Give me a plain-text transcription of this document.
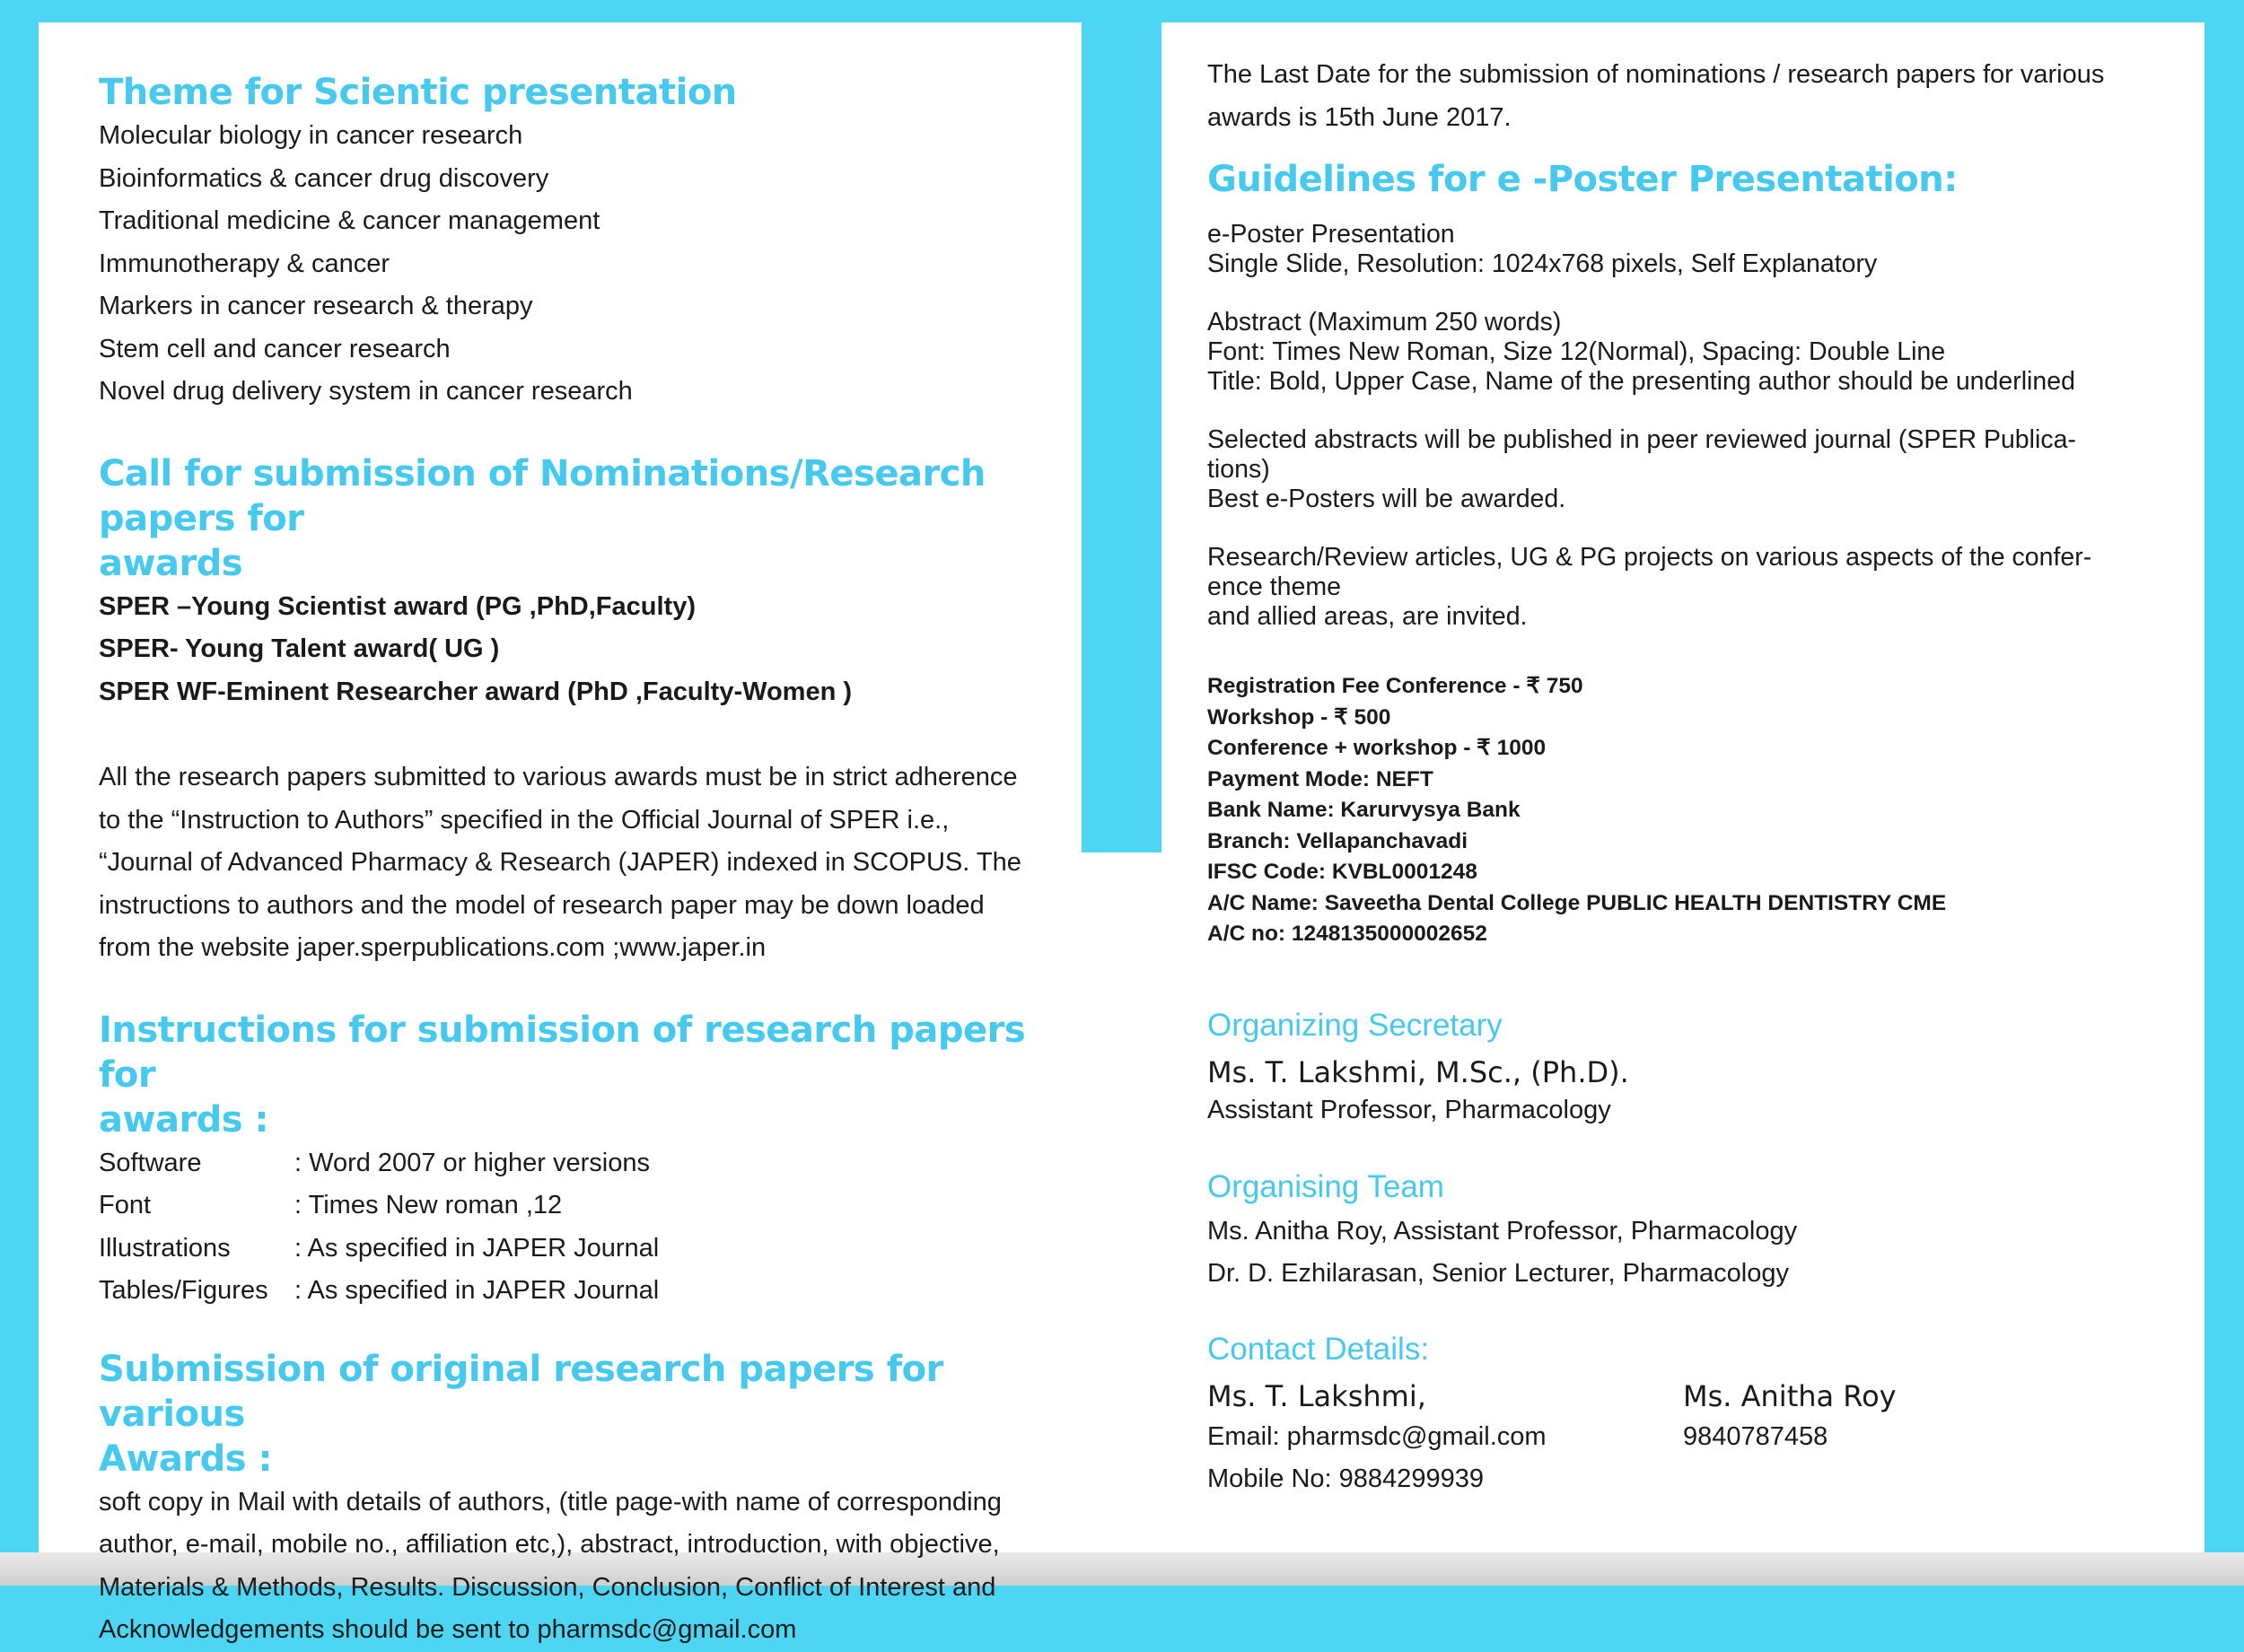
Theme for Scientic presentation

Molecular biology in cancer research

Bioinformatics & cancer drug discovery

Traditional medicine & cancer management

Immunotherapy & cancer

Markers in cancer research & therapy

Stem cell and cancer research

Novel drug delivery system in cancer research

Call for submission of Nominations/Research papers for
awards

SPER –Young Scientist award (PG ,PhD,Faculty)

SPER- Young Talent award( UG )

SPER WF-Eminent Researcher award (PhD ,Faculty-Women )

All the research papers submitted to various awards must be in strict adherence

to the “Instruction to Authors” specified in the Official Journal of SPER i.e.,

“Journal of Advanced Pharmacy & Research (JAPER) indexed in SCOPUS. The

instructions to authors and the model of research paper may be down loaded

from the website japer.sperpublications.com ;www.japer.in

Instructions for submission of research papers for
awards :
Software	: Word 2007 or higher versions
Font	: Times New roman ,12
Illustrations	: As specified in JAPER Journal
Tables/Figures	: As specified in JAPER Journal
Submission of original research papers for various
Awards :

soft copy in Mail with details of authors, (title page-with name of corresponding

author, e-mail, mobile no., affiliation etc,), abstract, introduction, with objective,

Materials & Methods, Results. Discussion, Conclusion, Conflict of Interest and

Acknowledgements should be sent to pharmsdc@gmail.com

The Last Date for the submission of nominations / research papers for various

awards is 15th June 2017.

Guidelines for e -Poster Presentation:

e-Poster Presentation

Single Slide, Resolution: 1024x768 pixels, Self Explanatory

Abstract (Maximum 250 words)

Font: Times New Roman, Size 12(Normal), Spacing: Double Line

Title: Bold, Upper Case, Name of the presenting author should be underlined

Selected abstracts will be published in peer reviewed journal (SPER Publica-

tions)

Best e-Posters will be awarded.

Research/Review articles, UG & PG projects on various aspects of the confer-

ence theme

and allied areas, are invited.

Registration Fee Conference - ₹ 750

Workshop - ₹ 500

Conference + workshop - ₹ 1000

Payment Mode: NEFT

Bank Name: Karurvysya Bank

Branch: Vellapanchavadi

IFSC Code: KVBL0001248

A/C Name: Saveetha Dental College PUBLIC HEALTH DENTISTRY CME

A/C no: 1248135000002652

Organizing Secretary
Ms. T. Lakshmi, M.Sc., (Ph.D).
Assistant Professor, Pharmacology
Organising Team

Ms. Anitha Roy, Assistant Professor, Pharmacology

Dr. D. Ezhilarasan, Senior Lecturer, Pharmacology

Contact Details:
Ms. T. Lakshmi,

Email: pharmsdc@gmail.com

Mobile No: 9884299939

Ms. Anitha Roy

9840787458
